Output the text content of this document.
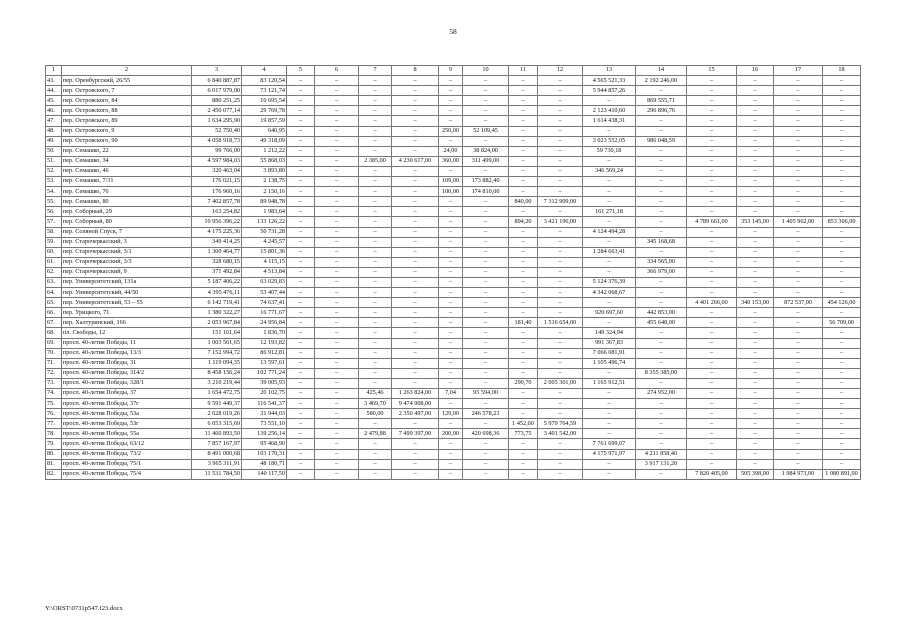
58
1	2	3	4	5	6	7	8	9	10	11	12	13	14	15	16	17	18
43.	пер. Оренбургский, 26/55	6 840 887,87	83 120,54	–	–	–	–	–	–	–	–	4 565 521,33	2 192 246,00	–	–	–	–
44.	пер. Островского, 7	6 017 979,00	73 121,74	–	–	–	–	–	–	–	–	5 944 857,26	–	–	–	–	–
45.	пер. Островского, 84	880 251,25	10 695,54	–	–	–	–	–	–	–	–	–	869 555,71	–	–	–	–
46.	пер. Островского, 88	2 450 077,14	29 769,78	–	–	–	–	–	–	–	–	2 123 410,60	296 896,76	–	–	–	–
47.	пер. Островского, 89	1 634 295,90	19 857,59	–	–	–	–	–	–	–	–	1 614 438,31	–	–	–	–	–
48.	пер. Островского, 9	52 750,40	640,95	–	–	–	–	250,00	52 109,45	–	–	–	–	–	–	–	–
49.	пер. Островского, 90	4 058 918,73	49 318,09	–	–	–	–	–	–	–	–	3 023 552,05	986 048,59	–	–	–	–
50.	пер. Семашко, 22	99 766,00	1 212,22	–	–	–	–	24,00	38 824,00	–	–	59 730,18	–	–	–	–	–
51.	пер. Семашко, 34	4 597 984,03	55 868,03	–	–	2 385,00	4 230 617,00	360,00	311 499,00	–	–	–	–	–	–	–	–
52.	пер. Семашко, 46	320 463,04	3 893,80	–	–	–	–	–	–	–	–	346 569,24	–	–	–	–	–
53.	пер. Семашко, 7/31	176 021,15	2 138,75	–	–	–	–	109,00	173 882,40	–	–	–	–	–	–	–	–
54.	пер. Семашко, 76	176 960,16	2 150,16	–	–	–	–	100,00	174 810,00	–	–	–	–	–	–	–	–
55.	пер. Семашко, 80	7 402 857,78	89 948,78	–	–	–	–	–	–	840,00	7 312 909,00	–	–	–	–	–	–
56.	пер. Соборный, 29	163 254,82	1 983,64	–	–	–	–	–	–	–	–	161 271,18	–	–	–	–	–
57.	пер. Соборный, 80	10 956 396,22	133 126,22	–	–	–	–	–	–	894,20	3 421 196,00	–	–	4 789 661,00	353 145,00	1 405 962,00	853 306,00
58.	пер. Соляной Спуск, 7	4 175 225,36	50 731,28	–	–	–	–	–	–	–	–	4 124 494,28	–	–	–	–	–
59.	пер. Старочеркасский, 3	349 414,25	4 245,57	–	–	–	–	–	–	–	–	–	345 168,68	–	–	–	–
60.	пер. Старочеркасский, 3/1	1 300 464,77	15 801,36	–	–	–	–	–	–	–	–	1 284 663,41	–	–	–	–	–
61.	пер. Старочеркасский, 3/3	328 680,15	4 115,15	–	–	–	–	–	–	–	–	–	334 565,00	–	–	–	–
62.	пер. Старочеркасский, 9	371 492,84	4 513,84	–	–	–	–	–	–	–	–	–	366 979,00	–	–	–	–
63.	пер. Университетский, 131а	5 187 406,22	63 029,83	–	–	–	–	–	–	–	–	5 124 376,39	–	–	–	–	–
64.	пер. Университетский, 44/50	4 395 476,11	53 407,44	–	–	–	–	–	–	–	–	4 342 068,67	–	–	–	–	–
65.	пер. Университетский, 53 – 55	6 142 719,41	74 637,41	–	–	–	–	–	–	–	–	–	–	4 401 266,00	340 153,00	872 537,00	454 126,00
66.	пер. Урицкого, 71	1 380 322,27	16 771,67	–	–	–	–	–	–	–	–	920 697,60	442 853,00	–	–	–	–
67.	пер. Халтуринский, 166	2 053 967,84	24 956,84	–	–	–	–	–	–	181,40	1 516 654,00	–	455 648,00	–	–	–	56 709,00
68.	пл. Свободы, 12	151 161,64	1 836,70	–	–	–	–	–	–	–	–	149 324,94	–	–	–	–	–
69.	просп. 40-летия Победы, 11	1 003 561,65	12 193,82	–	–	–	–	–	–	–	–	991 367,83	–	–	–	–	–
70.	просп. 40-летия Победы, 13/3	7 152 994,72	86 912,81	–	–	–	–	–	–	–	–	7 066 081,91	–	–	–	–	–
71.	просп. 40-летия Победы, 31	1 119 094,35	13 597,61	–	–	–	–	–	–	–	–	1 105 496,74	–	–	–	–	–
72.	просп. 40-летия Победы, 314/2	8 458 156,24	102 771,24	–	–	–	–	–	–	–	–	–	8 355 385,00	–	–	–	–
73.	просп. 40-летия Победы, 328/1	3 210 219,44	39 005,93	–	–	–	–	–	–	290,70	2 005 301,00	1 165 912,51	–	–	–	–	–
74.	просп. 40-летия Победы, 37	1 654 472,75	20 102,75	–	–	425,46	1 263 824,00	7,04	95 594,00	–	–	–	274 952,00	–	–	–	–
75.	просп. 40-летия Победы, 37г	9 591 449,37	116 541,37	–	–	3 469,70	9 474 908,00	–	–	–	–	–	–	–	–	–	–
76.	просп. 40-летия Победы, 53а	2 628 019,26	31 944,03	–	–	580,00	2 350 497,00	129,00	246 578,23	–	–	–	–	–	–	–	–
77.	просп. 40-летия Победы, 53г	6 053 315,69	73 551,10	–	–	–	–	–	–	1 452,00	5 979 764,59	–	–	–	–	–	–
78.	просп. 40-летия Победы, 55а	11 460 893,50	139 256,14	–	–	2 479,88	7 499 397,00	200,00	420 698,36	773,75	3 401 542,00	–	–	–	–	–	–
79.	просп. 40-летия Победы, 63/12	7 857 167,97	95 468,90	–	–	–	–	–	–	–	–	7 761 699,07	–	–	–	–	–
80.	просп. 40-летия Победы, 73/2	8 491 000,68	103 170,31	–	–	–	–	–	–	–	–	4 175 971,97	4 211 858,40	–	–	–	–
81.	просп. 40-летия Победы, 75/1	3 965 311,91	48 180,71	–	–	–	–	–	–	–	–	–	3 917 131,20	–	–	–	–
82.	просп. 40-летия Победы, 75/4	11 531 784,50	140 117,50	–	–	–	–	–	–	–	–	–	–	7 820 405,00	505 398,00	1 984 973,00	1 080 891,00
Y:\ORST\0731p547.f23.docx
